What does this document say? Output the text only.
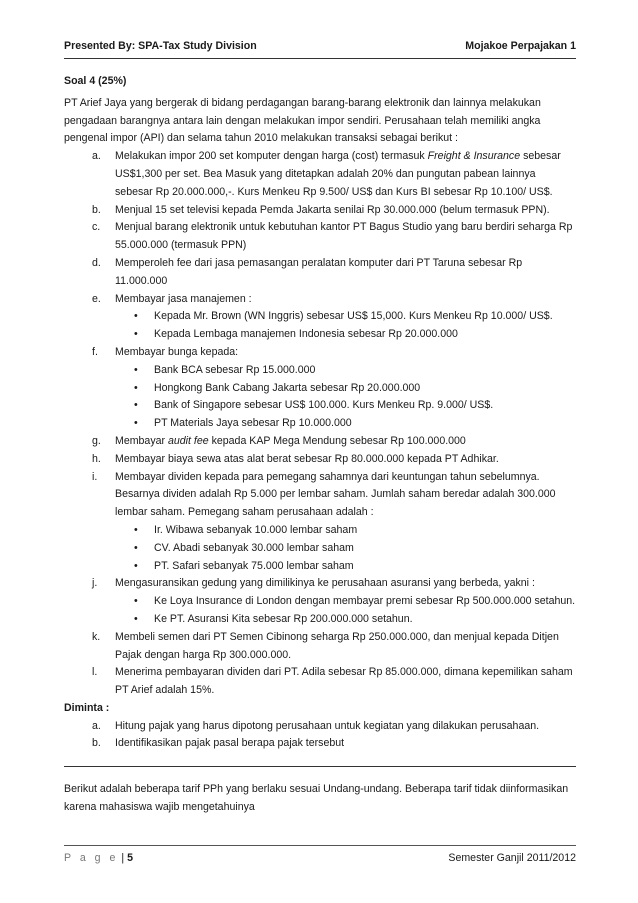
Presented By: SPA-Tax Study Division	Mojakoe Perpajakan 1
Soal 4 (25%)

PT Arief Jaya yang bergerak di bidang perdagangan barang-barang elektronik dan lainnya melakukan pengadaan barangnya antara lain dengan melakukan impor sendiri. Perusahaan telah memiliki angka pengenal impor (API) dan selama tahun 2010 melakukan transaksi sebagai berikut :

a. Melakukan impor 200 set komputer dengan harga (cost) termasuk Freight & Insurance sebesar US$1,300 per set. Bea Masuk yang ditetapkan adalah 20% dan pungutan pabean lainnya sebesar Rp 20.000.000,-. Kurs Menkeu Rp 9.500/ US$ dan Kurs BI sebesar Rp 10.100/ US$.
b. Menjual 15 set televisi kepada Pemda Jakarta senilai Rp 30.000.000 (belum termasuk PPN).
c. Menjual barang elektronik untuk kebutuhan kantor PT Bagus Studio yang baru berdiri seharga Rp 55.000.000 (termasuk PPN)
d. Memperoleh fee dari jasa pemasangan peralatan komputer dari PT Taruna sebesar Rp 11.000.000
e. Membayar jasa manajemen :
• Kepada Mr. Brown (WN Inggris) sebesar US$ 15,000. Kurs Menkeu Rp 10.000/ US$.
• Kepada Lembaga manajemen Indonesia sebesar Rp 20.000.000
f. Membayar bunga kepada:
• Bank BCA sebesar Rp 15.000.000
• Hongkong Bank Cabang Jakarta sebesar Rp 20.000.000
• Bank of Singapore sebesar US$ 100.000. Kurs Menkeu Rp. 9.000/ US$.
• PT Materials Jaya sebesar Rp 10.000.000
g. Membayar audit fee kepada KAP Mega Mendung sebesar Rp 100.000.000
h. Membayar biaya sewa atas alat berat sebesar Rp 80.000.000 kepada PT Adhikar.
i. Membayar dividen kepada para pemegang sahamnya dari keuntungan tahun sebelumnya. Besarnya dividen adalah Rp 5.000 per lembar saham. Jumlah saham beredar adalah 300.000 lembar saham. Pemegang saham perusahaan adalah :
• Ir. Wibawa sebanyak 10.000 lembar saham
• CV. Abadi sebanyak 30.000 lembar saham
• PT. Safari sebanyak 75.000 lembar saham
j. Mengasuransikan gedung yang dimilikinya ke perusahaan asuransi yang berbeda, yakni :
• Ke Loya Insurance di London dengan membayar premi sebesar Rp 500.000.000 setahun.
• Ke PT. Asuransi Kita sebesar Rp 200.000.000 setahun.
k. Membeli semen dari PT Semen Cibinong seharga Rp 250.000.000, dan menjual kepada Ditjen Pajak dengan harga Rp 300.000.000.
l. Menerima pembayaran dividen dari PT. Adila sebesar Rp 85.000.000, dimana kepemilikan saham PT Arief adalah 15%.
Diminta :
a. Hitung pajak yang harus dipotong perusahaan untuk kegiatan yang dilakukan perusahaan.
b. Identifikasikan pajak pasal berapa pajak tersebut
Berikut adalah beberapa tarif PPh yang berlaku sesuai Undang-undang. Beberapa tarif tidak diinformasikan karena mahasiswa wajib mengetahuinya
P a g e | 5	Semester Ganjil 2011/2012
